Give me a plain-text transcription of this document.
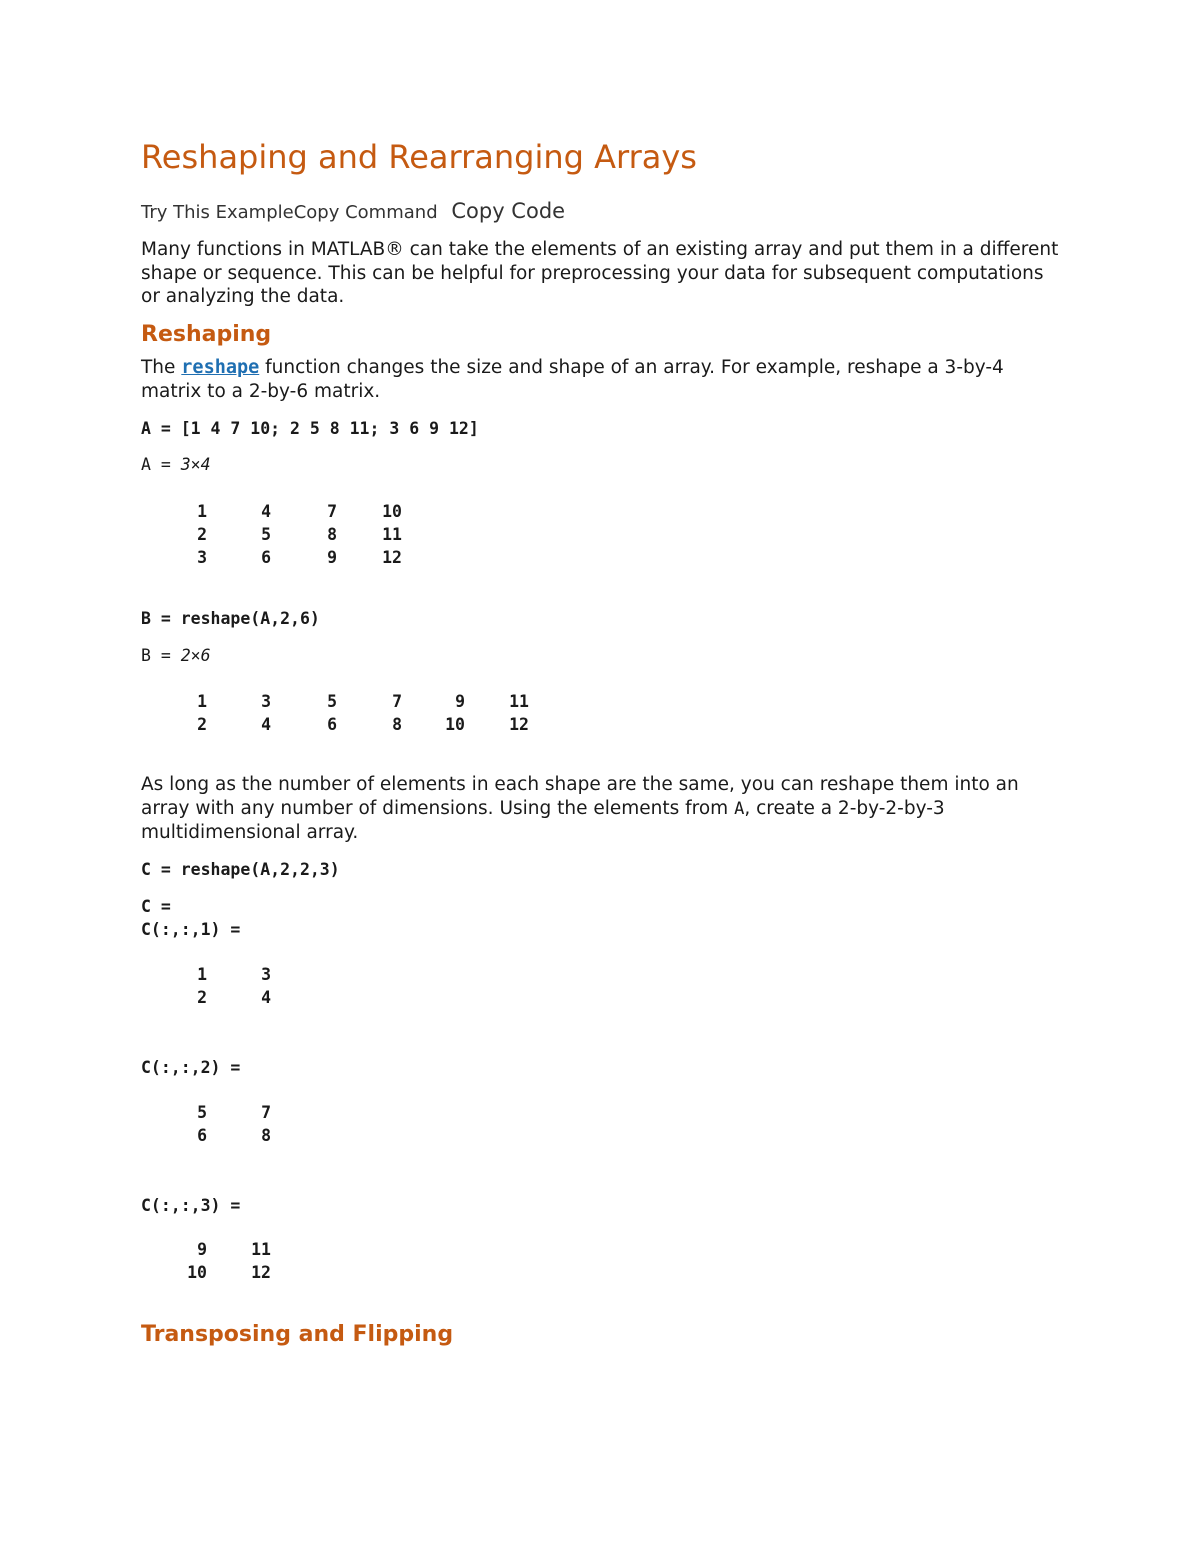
Reshaping and Rearranging Arrays
Try This ExampleCopy Command Copy Code

Many functions in MATLAB® can take the elements of an existing array and put them in a different shape or sequence. This can be helpful for preprocessing your data for subsequent computations or analyzing the data.

Reshaping

The reshape function changes the size and shape of an array. For example, reshape a 3-by-4 matrix to a 2-by-6 matrix.

A = [1 4 7 10; 2 5 8 11; 3 6 9 12]
A = 3×4
1	4	7	10
2	5	8	11
3	6	9	12
B = reshape(A,2,6)
B = 2×6
1	3	5	7	9	11
2	4	6	8	10	12

As long as the number of elements in each shape are the same, you can reshape them into an array with any number of dimensions. Using the elements from A, create a 2-by-2-by-3 multidimensional array.

C = reshape(A,2,2,3)
C =
C(:,:,1) =
1	3
2	4
C(:,:,2) =
5	7
6	8
C(:,:,3) =
9	11
10	12
Transposing and Flipping
